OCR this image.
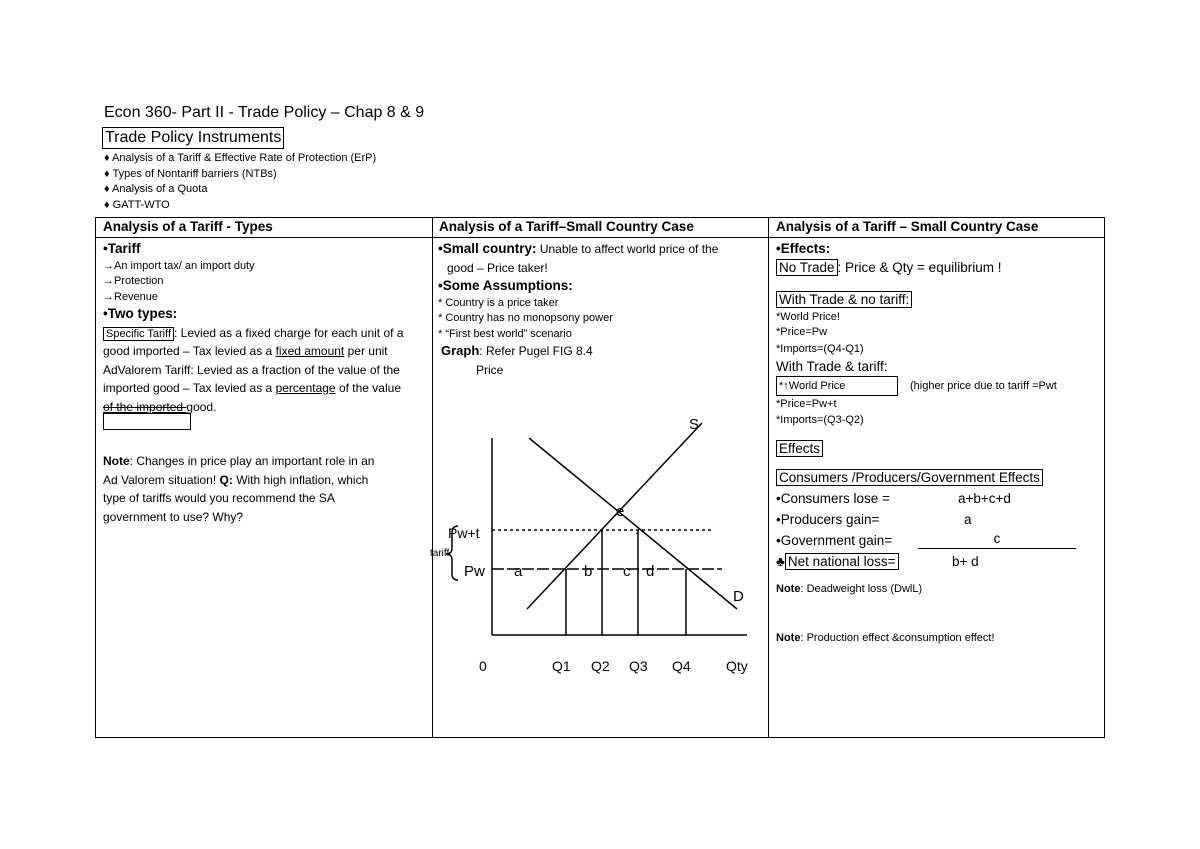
Econ 360- Part II - Trade Policy – Chap 8 & 9
Trade Policy Instruments
♦ Analysis of a Tariff & Effective Rate of Protection (ErP)
♦ Types of Nontariff barriers (NTBs)
♦ Analysis of a Quota
♦ GATT-WTO
Analysis of a Tariff - Types	Analysis of a Tariff–Small Country Case	Analysis of a Tariff – Small Country Case
•Tariff
→An import tax/ an import duty
→Protection
→Revenue
•Two types:
Specific Tariff : Levied as a fixed charge for each unit of a
good imported – Tax levied as a fixed amount per unit
AdValorem Tariff: Levied as a fraction of the value of the
imported good – Tax levied as a percentage of the value
of the imported good.
Note: Changes in price play an important role in an
Ad Valorem situation! Q: With high inflation, which
type of tariffs would you recommend the SA
government to use? Why?
•Small country: Unable to affect world price of the
good – Price taker!
•Some Assumptions:
* Country is a price taker
* Country has no monopsony power
* “First best world” scenario
Graph: Refer Pugel FIG 8.4
Price
S
D
e
.
Pw+t
tariff
Pw a	b c d
0	Q1 Q2 Q3 Q4	Qty
•Effects:
No Trade : Price & Qty = equilibrium !
With Trade & no tariff:
*World Price!
*Price=Pw
*Imports=(Q4-Q1)
With Trade & tariff:
*↑World Price	(higher price due to tariff =Pwt
*Price=Pw+t
*Imports=(Q3-Q2)
Effects
Consumers /Producers/Government Effects
•Consumers lose =	a+b+c+d
•Producers gain=	a
•Government gain=	c
♣ Net national loss=	b+ d
Note: Deadweight loss (DwlL)
Note: Production effect &consumption effect!
